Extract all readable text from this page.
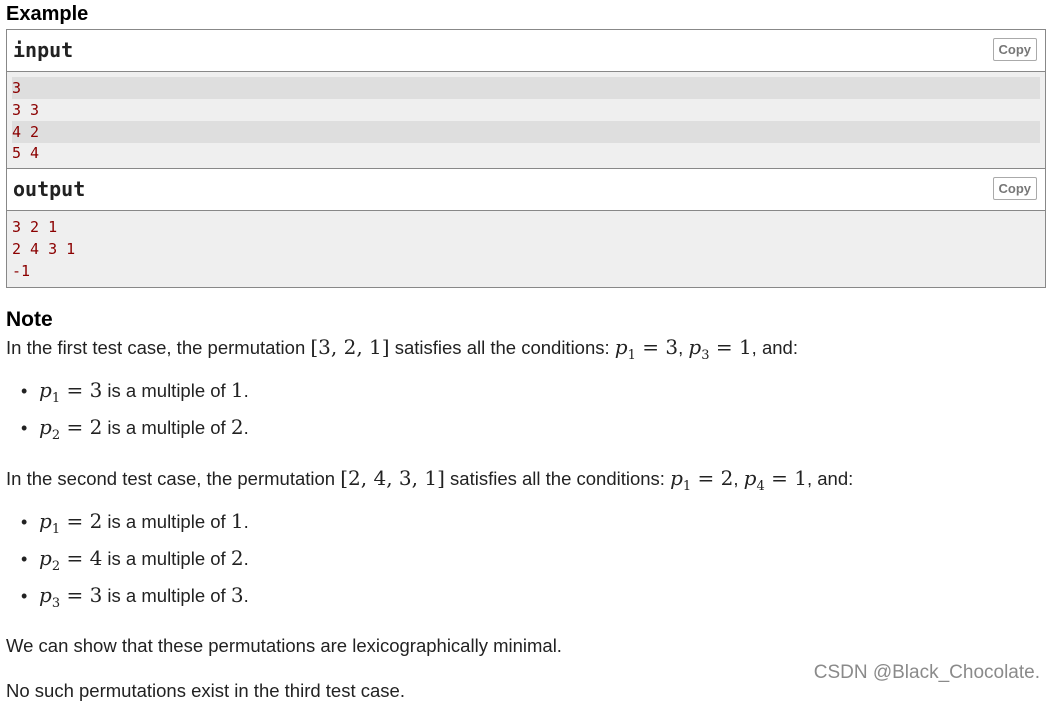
Example
input	Copy
3
3 3
4 2
5 4
output	Copy
3 2 1
2 4 3 1
-1
Note

In the first test case, the permutation [3, 2, 1] satisfies all the conditions: $p_1 = 3$, $p_3 = 1$, and:

• $p_1 = 3$ is a multiple of 1.
• $p_2 = 2$ is a multiple of 2.

In the second test case, the permutation [2, 4, 3, 1] satisfies all the conditions: $p_1 = 2$, $p_4 = 1$, and:

• $p_1 = 2$ is a multiple of 1.
• $p_2 = 4$ is a multiple of 2.
• $p_3 = 3$ is a multiple of 3.

We can show that these permutations are lexicographically minimal.

No such permutations exist in the third test case.

CSDN @Black_Chocolate.
